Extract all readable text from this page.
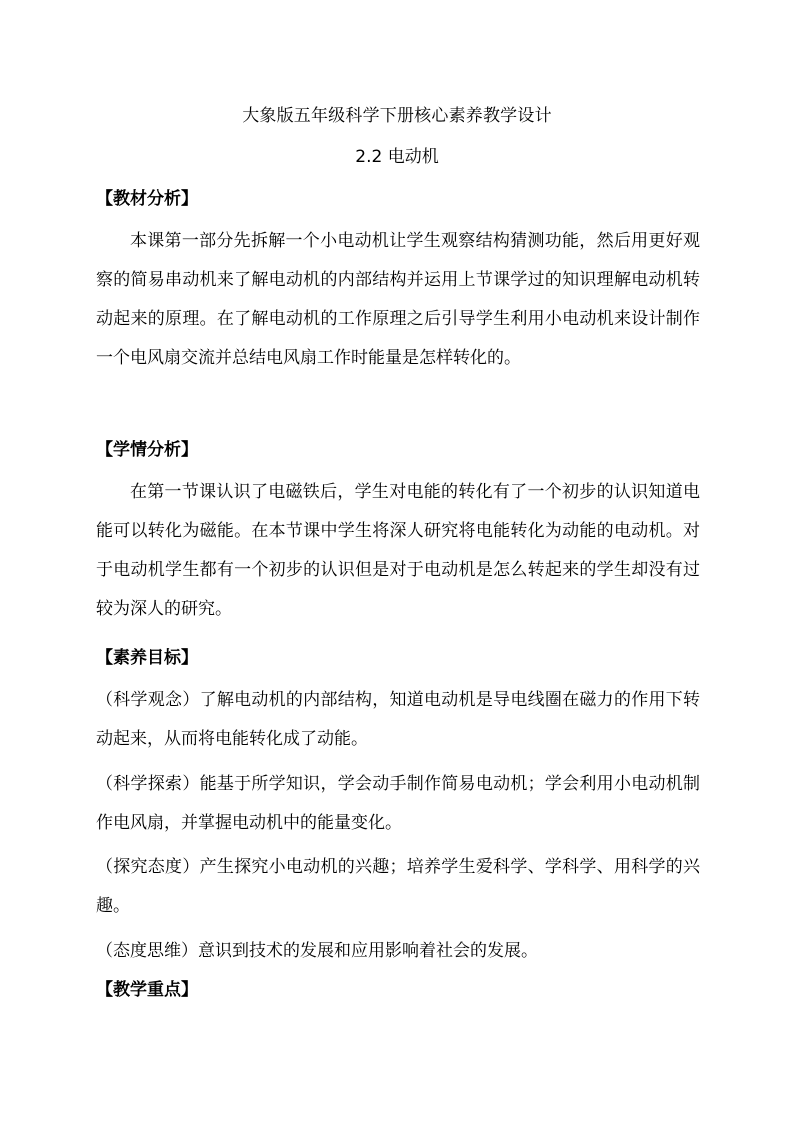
大象版五年级科学下册核心素养教学设计
2.2 电动机
【教材分析】

本课第一部分先拆解一个小电动机让学生观察结构猜测功能，然后用更好观察的简易串动机来了解电动机的内部结构并运用上节课学过的知识理解电动机转动起来的原理。在了解电动机的工作原理之后引导学生利用小电动机来设计制作一个电风扇交流并总结电风扇工作时能量是怎样转化的。

【学情分析】

在第一节课认识了电磁铁后，学生对电能的转化有了一个初步的认识知道电能可以转化为磁能。在本节课中学生将深人研究将电能转化为动能的电动机。对于电动机学生都有一个初步的认识但是对于电动机是怎么转起来的学生却没有过较为深人的研究。

【素养目标】

（科学观念）了解电动机的内部结构，知道电动机是导电线圈在磁力的作用下转动起来，从而将电能转化成了动能。

（科学探索）能基于所学知识，学会动手制作简易电动机；学会利用小电动机制作电风扇，并掌握电动机中的能量变化。

（探究态度）产生探究小电动机的兴趣；培养学生爱科学、学科学、用科学的兴趣。

（态度思维）意识到技术的发展和应用影响着社会的发展。

【教学重点】
